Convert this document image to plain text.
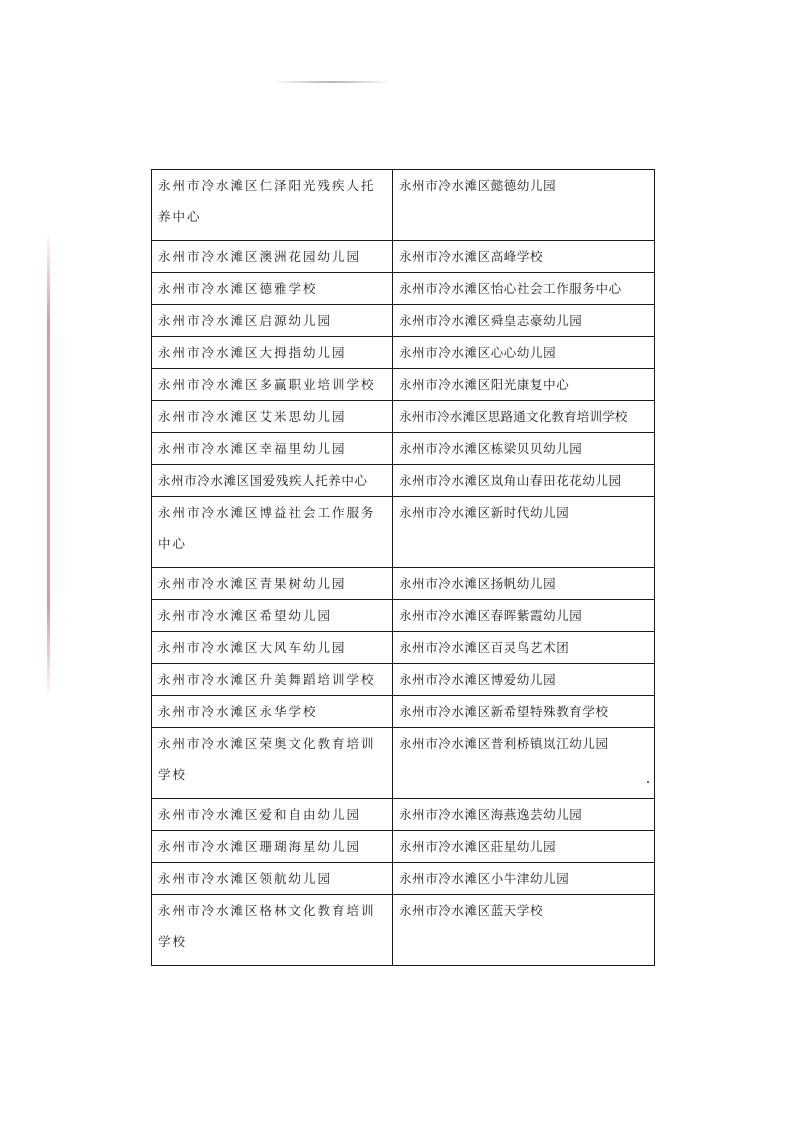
永州市冷水滩区仁泽阳光残疾人托养中心	永州市冷水滩区懿德幼儿园

永州市冷水滩区澳洲花园幼儿园	永州市冷水滩区高峰学校
永州市冷水滩区德雅学校	永州市冷水滩区怡心社会工作服务中心
永州市冷水滩区启源幼儿园	永州市冷水滩区舜皇志豪幼儿园
永州市冷水滩区大拇指幼儿园	永州市冷水滩区心心幼儿园
永州市冷水滩区多赢职业培训学校	永州市冷水滩区阳光康复中心
永州市冷水滩区艾米思幼儿园	永州市冷水滩区思路通文化教育培训学校
永州市冷水滩区幸福里幼儿园	永州市冷水滩区栋梁贝贝幼儿园
永州市冷水滩区国爱残疾人托养中心	永州市冷水滩区岚角山春田花花幼儿园

永州市冷水滩区博益社会工作服务中心	永州市冷水滩区新时代幼儿园

永州市冷水滩区青果树幼儿园	永州市冷水滩区扬帆幼儿园
永州市冷水滩区希望幼儿园	永州市冷水滩区春晖紫霞幼儿园
永州市冷水滩区大风车幼儿园	永州市冷水滩区百灵鸟艺术团
永州市冷水滩区升美舞蹈培训学校	永州市冷水滩区博爱幼儿园
永州市冷水滩区永华学校	永州市冷水滩区新希望特殊教育学校

永州市冷水滩区荣奥文化教育培训学校	永州市冷水滩区普利桥镇岚江幼儿园

永州市冷水滩区爱和自由幼儿园	永州市冷水滩区海燕逸芸幼儿园
永州市冷水滩区珊瑚海星幼儿园	永州市冷水滩区莊星幼儿园
永州市冷水滩区领航幼儿园	永州市冷水滩区小牛津幼儿园

永州市冷水滩区格林文化教育培训学校	永州市冷水滩区蓝天学校
